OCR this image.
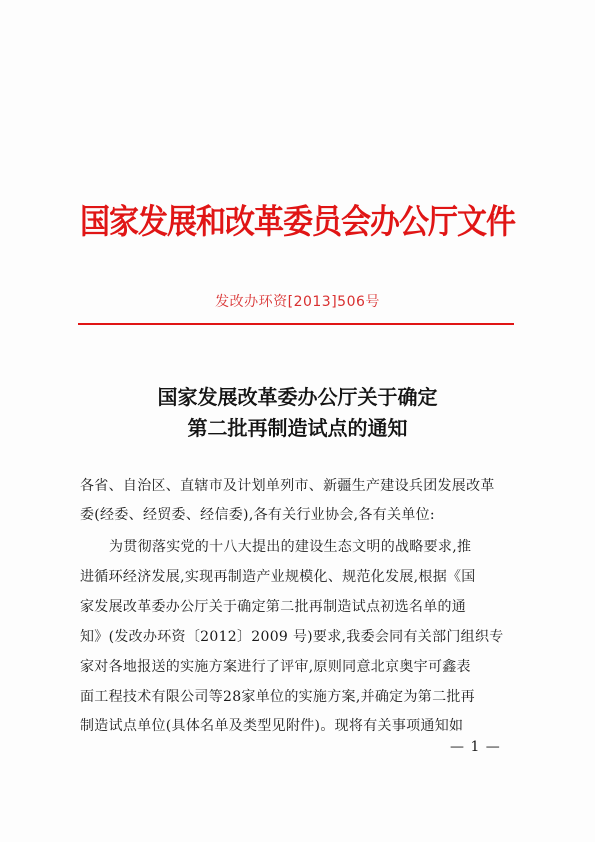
国家发展和改革委员会办公厅文件
发改办环资[2013]506号
国家发展改革委办公厅关于确定
第二批再制造试点的通知
各省、自治区、直辖市及计划单列市、新疆生产建设兵团发展改革
委(经委、经贸委、经信委),各有关行业协会,各有关单位:
为贯彻落实党的十八大提出的建设生态文明的战略要求,推
进循环经济发展,实现再制造产业规模化、规范化发展,根据《国
家发展改革委办公厅关于确定第二批再制造试点初选名单的通
知》(发改办环资〔2012〕2009 号)要求,我委会同有关部门组织专
家对各地报送的实施方案进行了评审,原则同意北京奥宇可鑫表
面工程技术有限公司等28家单位的实施方案,并确定为第二批再
制造试点单位(具体名单及类型见附件)。现将有关事项通知如
— 1 —
